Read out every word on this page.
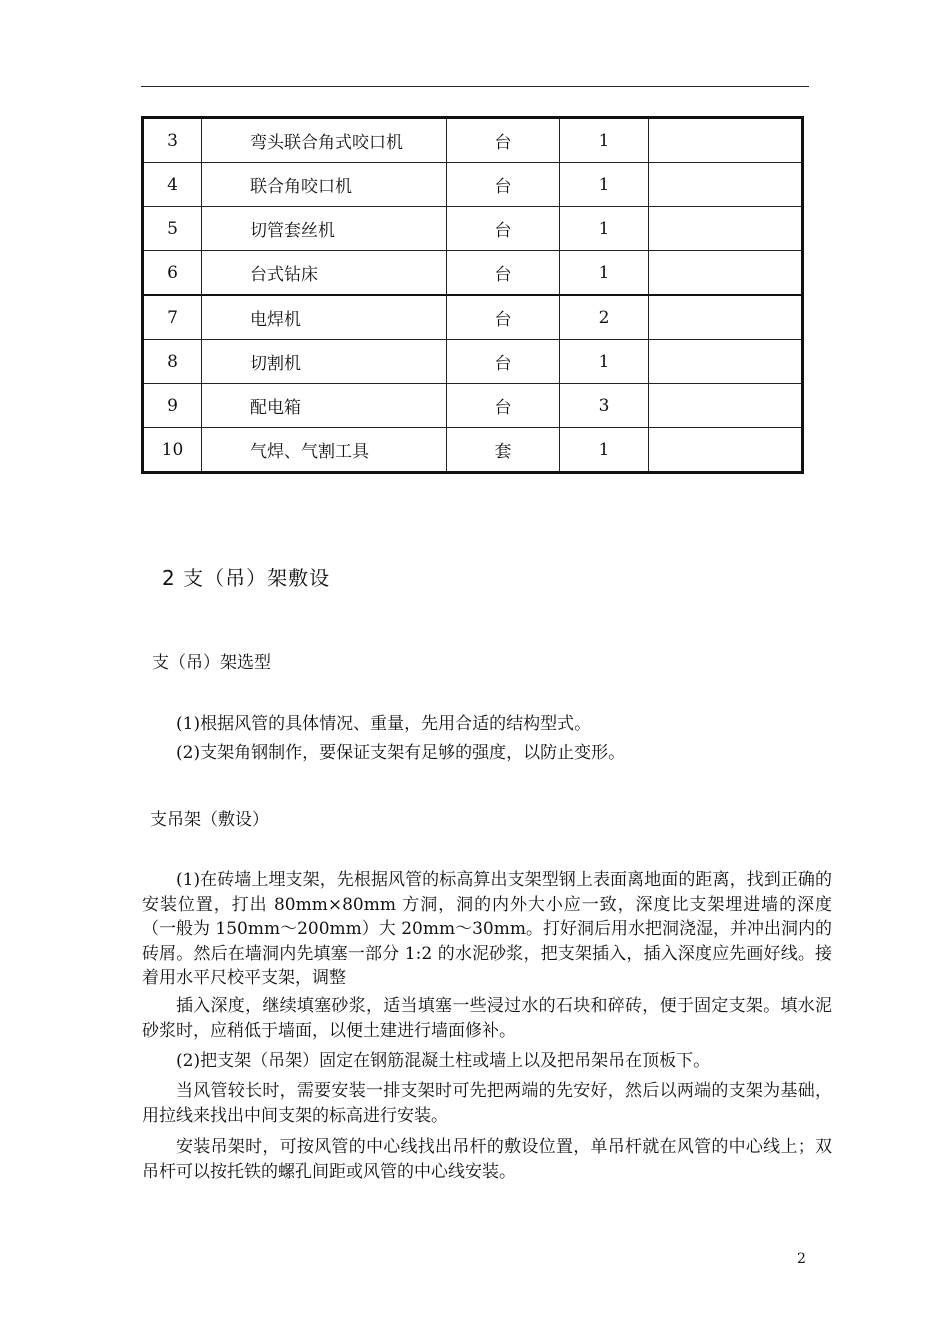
3	弯头联合角式咬口机	台	1	
4	联合角咬口机	台	1	
5	切管套丝机	台	1	
6	台式钻床	台	1	
7	电焊机	台	2	
8	切割机	台	1	
9	配电箱	台	3	
10	气焊、气割工具	套	1	
2 支（吊）架敷设
支（吊）架选型

(1)根据风管的具体情况、重量，先用合适的结构型式。

(2)支架角钢制作，要保证支架有足够的强度，以防止变形。

支吊架（敷设）

(1)在砖墙上埋支架，先根据风管的标高算出支架型钢上表面离地面的距离，找到正确的安装位置，打出 80mm×80mm 方洞，洞的内外大小应一致，深度比支架埋进墙的深度（一般为 150mm～200mm）大 20mm～30mm。打好洞后用水把洞浇湿，并冲出洞内的砖屑。然后在墙洞内先填塞一部分 1:2 的水泥砂浆，把支架插入，插入深度应先画好线。接着用水平尺校平支架，调整

插入深度，继续填塞砂浆，适当填塞一些浸过水的石块和碎砖，便于固定支架。填水泥砂浆时，应稍低于墙面，以便土建进行墙面修补。

(2)把支架（吊架）固定在钢筋混凝土柱或墙上以及把吊架吊在顶板下。

当风管较长时，需要安装一排支架时可先把两端的先安好，然后以两端的支架为基础，用拉线来找出中间支架的标高进行安装。

安装吊架时，可按风管的中心线找出吊杆的敷设位置，单吊杆就在风管的中心线上；双吊杆可以按托铁的螺孔间距或风管的中心线安装。

2
